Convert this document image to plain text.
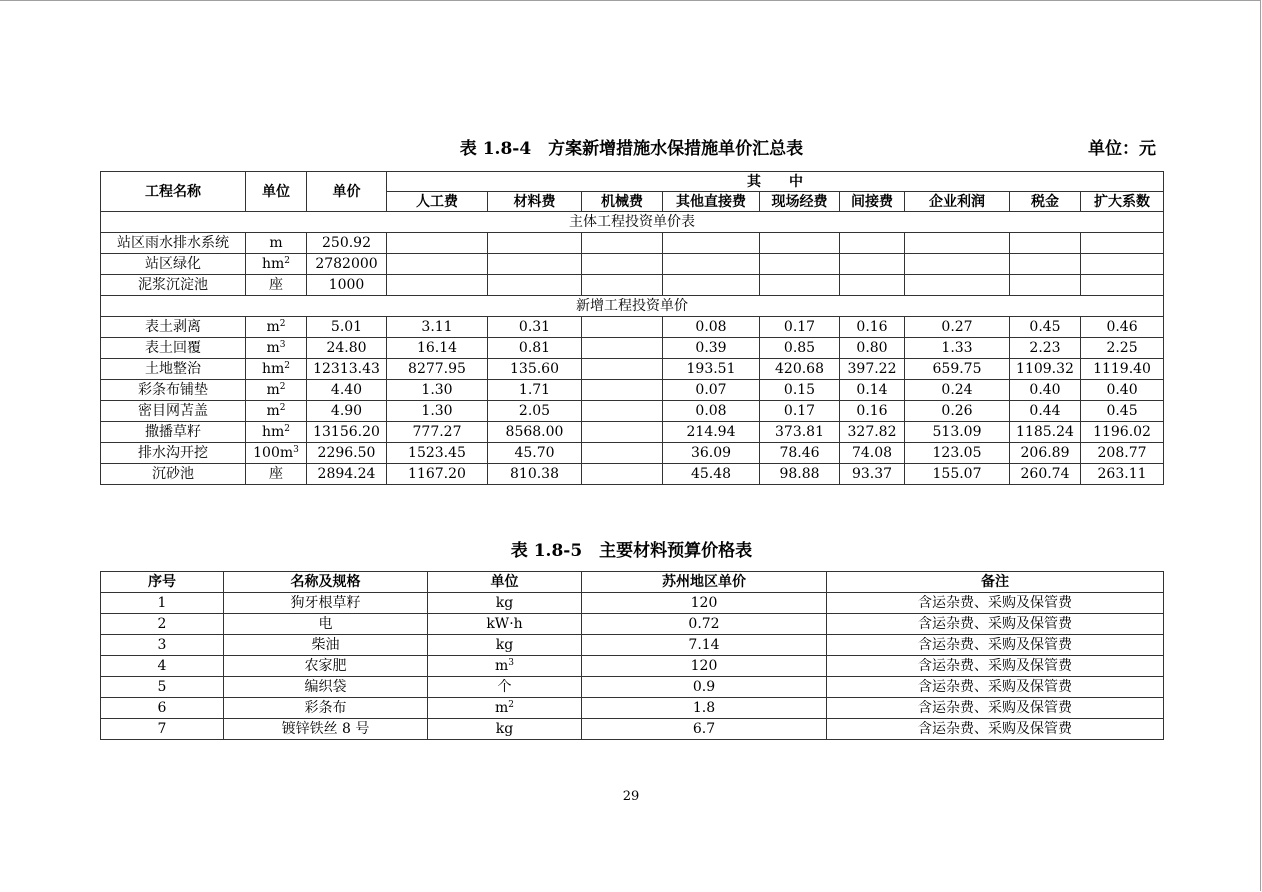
表 1.8-4　方案新增措施水保措施单价汇总表	单位：元
工程名称	单位	单价	其　　中								
			人工费	材料费	机械费	其他直接费	现场经费	间接费	企业利润	税金	扩大系数
主体工程投资单价表											
站区雨水排水系统	m	250.92									
站区绿化	$hm^2$	2782000									
泥浆沉淀池	座	1000									
新增工程投资单价											
表土剥离	$m^2$	5.01	3.11	0.31		0.08	0.17	0.16	0.27	0.45	0.46
表土回覆	$m^3$	24.80	16.14	0.81		0.39	0.85	0.80	1.33	2.23	2.25
土地整治	$hm^2$	12313.43	8277.95	135.60		193.51	420.68	397.22	659.75	1109.32	1119.40
彩条布铺垫	$m^2$	4.40	1.30	1.71		0.07	0.15	0.14	0.24	0.40	0.40
密目网苫盖	$m^2$	4.90	1.30	2.05		0.08	0.17	0.16	0.26	0.44	0.45
撒播草籽	$hm^2$	13156.20	777.27	8568.00		214.94	373.81	327.82	513.09	1185.24	1196.02
排水沟开挖	$100m^3$	2296.50	1523.45	45.70		36.09	78.46	74.08	123.05	206.89	208.77
沉砂池	座	2894.24	1167.20	810.38		45.48	98.88	93.37	155.07	260.74	263.11
表 1.8-5　主要材料预算价格表
序号	名称及规格	单位	苏州地区单价	备注
1	狗牙根草籽	kg	120	含运杂费、采购及保管费
2	电	kW·h	0.72	含运杂费、采购及保管费
3	柴油	kg	7.14	含运杂费、采购及保管费
4	农家肥	$m^3$	120	含运杂费、采购及保管费
5	编织袋	个	0.9	含运杂费、采购及保管费
6	彩条布	$m^2$	1.8	含运杂费、采购及保管费
7	镀锌铁丝 8 号	kg	6.7	含运杂费、采购及保管费
29
